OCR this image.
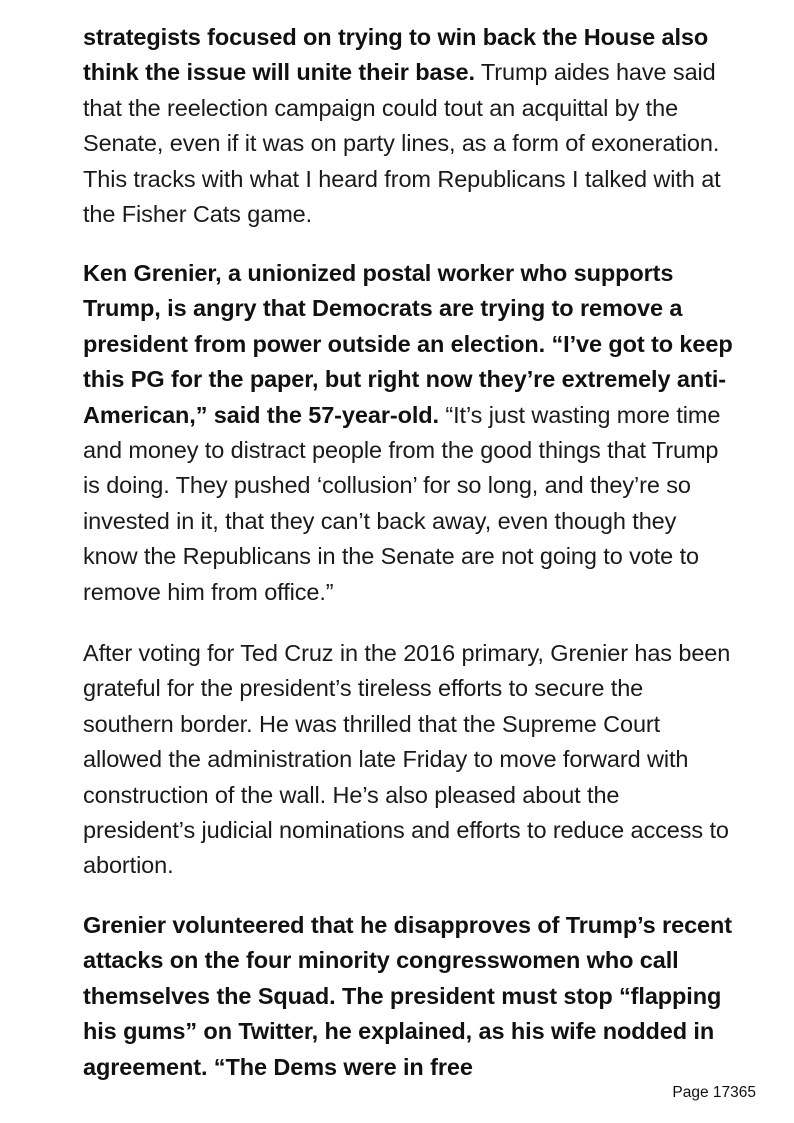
strategists focused on trying to win back the House also think the issue will unite their base. Trump aides have said that the reelection campaign could tout an acquittal by the Senate, even if it was on party lines, as a form of exoneration. This tracks with what I heard from Republicans I talked with at the Fisher Cats game.

Ken Grenier, a unionized postal worker who supports Trump, is angry that Democrats are trying to remove a president from power outside an election. “I’ve got to keep this PG for the paper, but right now they’re extremely anti-American,” said the 57-year-old. “It’s just wasting more time and money to distract people from the good things that Trump is doing. They pushed ‘collusion’ for so long, and they’re so invested in it, that they can’t back away, even though they know the Republicans in the Senate are not going to vote to remove him from office.”

After voting for Ted Cruz in the 2016 primary, Grenier has been grateful for the president’s tireless efforts to secure the southern border. He was thrilled that the Supreme Court allowed the administration late Friday to move forward with construction of the wall. He’s also pleased about the president’s judicial nominations and efforts to reduce access to abortion.

Grenier volunteered that he disapproves of Trump’s recent attacks on the four minority congresswomen who call themselves the Squad. The president must stop “flapping his gums” on Twitter, he explained, as his wife nodded in agreement. “The Dems were in free

Page 17365
